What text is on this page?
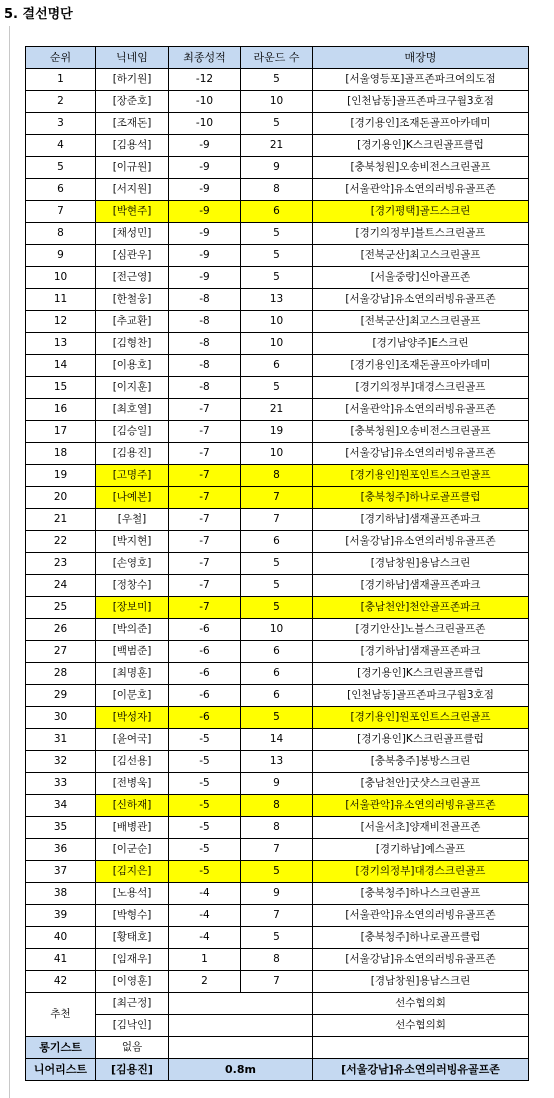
5. 결선명단
순위	닉네임	최종성적	라운드 수	매장명
1	[하기원]	-12	5	[서울영등포]골프존파크여의도점
2	[장준호]	-10	10	[인천남동]골프존파크구월3호점
3	[조재돈]	-10	5	[경기용인]조재돈골프아카데미
4	[김용석]	-9	21	[경기용인]K스크린골프클럽
5	[이규원]	-9	9	[충북청원]오송비전스크린골프
6	[서지원]	-9	8	[서울관악]유소연의러빙유골프존
7	[박현주]	-9	6	[경기평택]골드스크린
8	[채성민]	-9	5	[경기의정부]블트스크린골프
9	[심관우]	-9	5	[전북군산]최고스크린골프
10	[전근영]	-9	5	[서울중랑]신아골프존
11	[한철웅]	-8	13	[서울강남]유소연의러빙유골프존
12	[추교환]	-8	10	[전북군산]최고스크린골프
13	[김형찬]	-8	10	[경기남양주]E스크린
14	[이용호]	-8	6	[경기용인]조재돈골프아카데미
15	[이지훈]	-8	5	[경기의정부]대경스크린골프
16	[최호열]	-7	21	[서울관악]유소연의러빙유골프존
17	[김승일]	-7	19	[충북청원]오송비전스크린골프
18	[김용진]	-7	10	[서울강남]유소연의러빙유골프존
19	[고명주]	-7	8	[경기용인]원포인트스크린골프
20	[나예본]	-7	7	[충북청주]하나로골프클럽
21	[우철]	-7	7	[경기하남]샘재골프존파크
22	[박지현]	-7	6	[서울강남]유소연의러빙유골프존
23	[손영호]	-7	5	[경남창원]용남스크린
24	[정창수]	-7	5	[경기하남]샘재골프존파크
25	[장보미]	-7	5	[충남천안]천안골프존파크
26	[박의준]	-6	10	[경기안산]노블스크린골프존
27	[백범준]	-6	6	[경기하남]샘재골프존파크
28	[최명훈]	-6	6	[경기용인]K스크린골프클럽
29	[이문호]	-6	6	[인천남동]골프존파크구월3호점
30	[박성자]	-6	5	[경기용인]원포인트스크린골프
31	[윤여국]	-5	14	[경기용인]K스크린골프클럽
32	[김선용]	-5	13	[충북충주]봉방스크린
33	[전병욱]	-5	9	[충남천안]굿샷스크린골프
34	[신하재]	-5	8	[서울관악]유소연의러빙유골프존
35	[배병관]	-5	8	[서울서초]양재비전골프존
36	[이군순]	-5	7	[경기하남]예스골프
37	[김지은]	-5	5	[경기의정부]대경스크린골프
38	[노용석]	-4	9	[충북청주]하나스크린골프
39	[박형수]	-4	7	[서울관악]유소연의러빙유골프존
40	[황태호]	-4	5	[충북청주]하나로골프클럽
41	[임재우]	1	8	[서울강남]유소연의러빙유골프존
42	[이영훈]	2	7	[경남창원]용남스크린
추천	[최근정]			선수협의회
	[김낙인]			선수협의회
롱기스트	없음			
니어리스트	[김용진]	0.8m		[서울강남]유소연의러빙유골프존
